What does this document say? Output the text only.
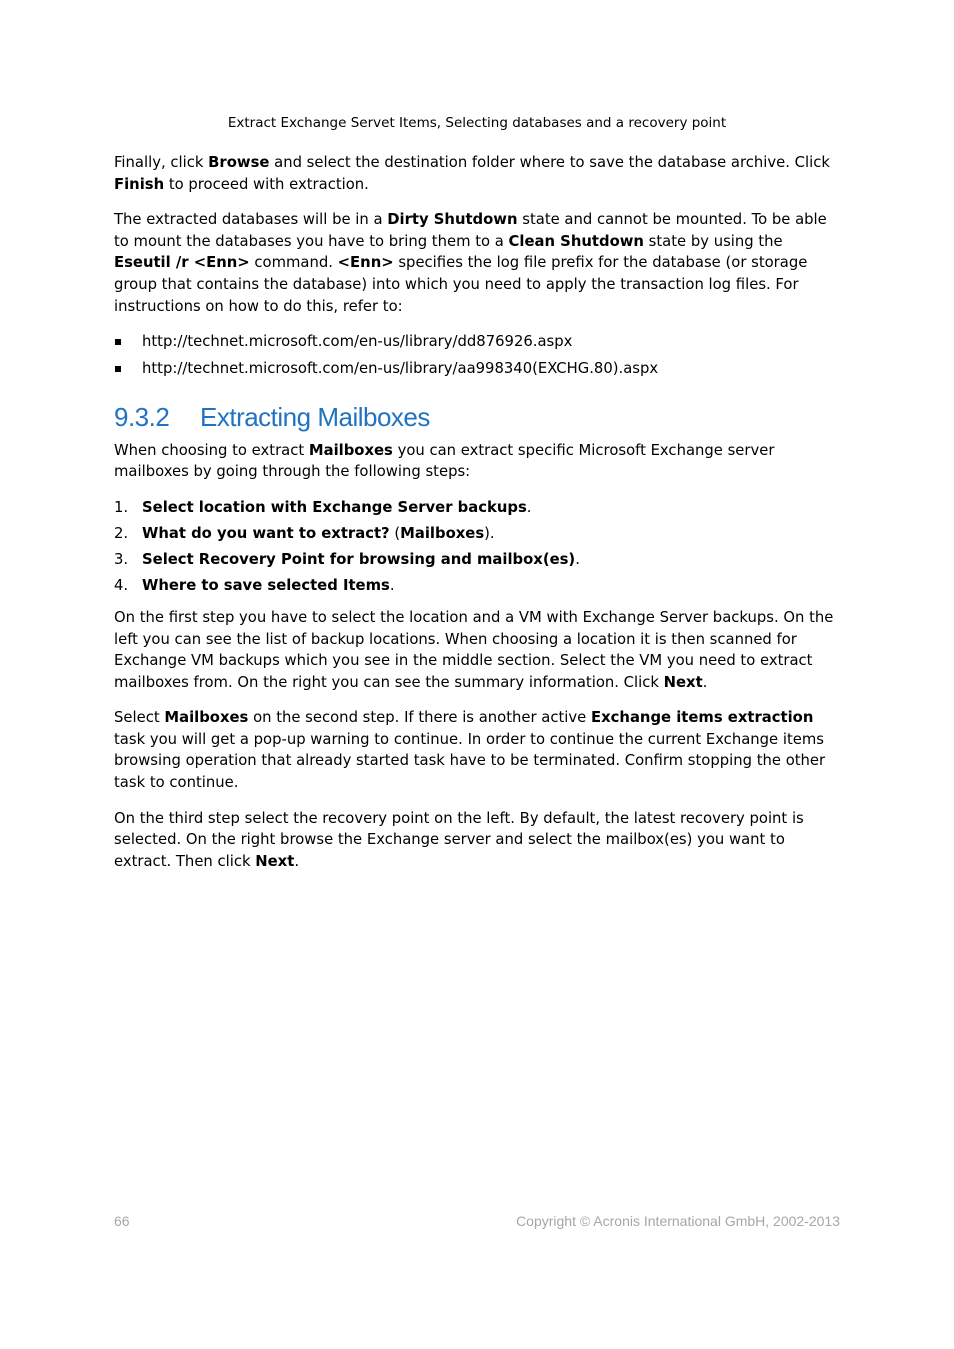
Extract Exchange Servet Items, Selecting databases and a recovery point

Finally, click Browse and select the destination folder where to save the database archive. Click Finish to proceed with extraction.

The extracted databases will be in a Dirty Shutdown state and cannot be mounted. To be able to mount the databases you have to bring them to a Clean Shutdown state by using the Eseutil /r <Enn> command. <Enn> specifies the log file prefix for the database (or storage group that contains the database) into which you need to apply the transaction log files. For instructions on how to do this, refer to:

http://technet.microsoft.com/en-us/library/dd876926.aspx
http://technet.microsoft.com/en-us/library/aa998340(EXCHG.80).aspx
9.3.2 Extracting Mailboxes

When choosing to extract Mailboxes you can extract specific Microsoft Exchange server mailboxes by going through the following steps:

1. Select location with Exchange Server backups.
2. What do you want to extract? (Mailboxes).
3. Select Recovery Point for browsing and mailbox(es).
4. Where to save selected Items.

On the first step you have to select the location and a VM with Exchange Server backups. On the left you can see the list of backup locations. When choosing a location it is then scanned for Exchange VM backups which you see in the middle section. Select the VM you need to extract mailboxes from. On the right you can see the summary information. Click Next.

Select Mailboxes on the second step. If there is another active Exchange items extraction task you will get a pop-up warning to continue. In order to continue the current Exchange items browsing operation that already started task have to be terminated. Confirm stopping the other task to continue.

On the third step select the recovery point on the left. By default, the latest recovery point is selected. On the right browse the Exchange server and select the mailbox(es) you want to extract. Then click Next.

66	Copyright © Acronis International GmbH, 2002-2013
